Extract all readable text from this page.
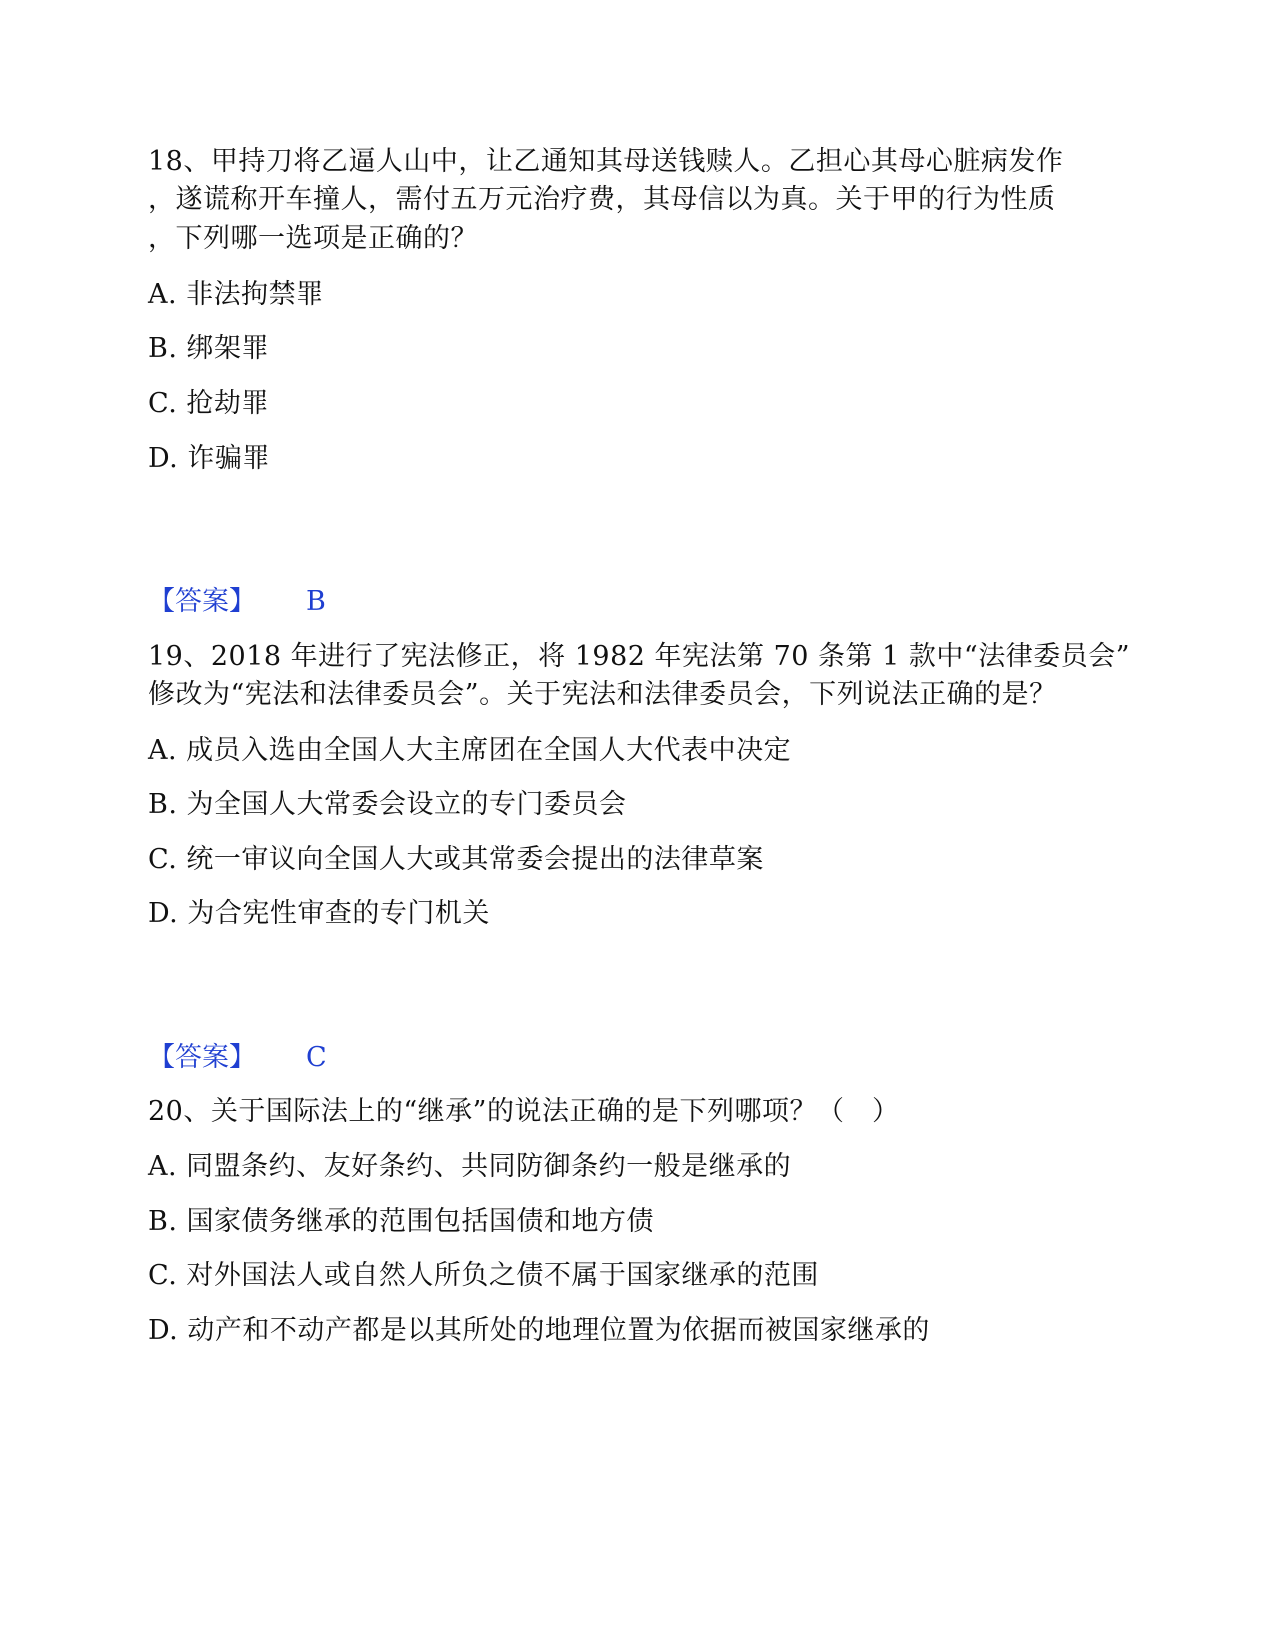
18、甲持刀将乙逼人山中，让乙通知其母送钱赎人。乙担心其母心脏病发作
，遂谎称开车撞人，需付五万元治疗费，其母信以为真。关于甲的行为性质
，下列哪一选项是正确的？
A. 非法拘禁罪
B. 绑架罪
C. 抢劫罪
D. 诈骗罪
【答案】 B
19、2018 年进行了宪法修正，将 1982 年宪法第 70 条第 1 款中“法律委员会”
修改为“宪法和法律委员会”。关于宪法和法律委员会，下列说法正确的是？
A. 成员入选由全国人大主席团在全国人大代表中决定
B. 为全国人大常委会设立的专门委员会
C. 统一审议向全国人大或其常委会提出的法律草案
D. 为合宪性审查的专门机关
【答案】 C
20、关于国际法上的“继承”的说法正确的是下列哪项？（　）
A. 同盟条约、友好条约、共同防御条约一般是继承的
B. 国家债务继承的范围包括国债和地方债
C. 对外国法人或自然人所负之债不属于国家继承的范围
D. 动产和不动产都是以其所处的地理位置为依据而被国家继承的
